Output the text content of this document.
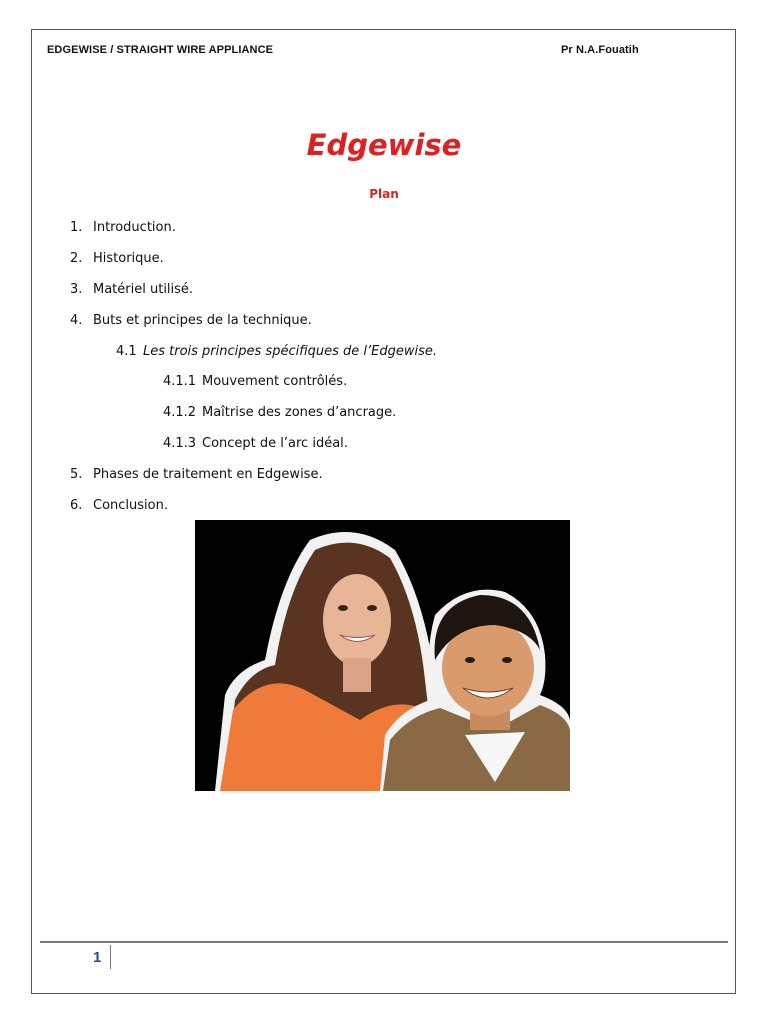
EDGEWISE / STRAIGHT WIRE APPLIANCE	Pr N.A.Fouatih
Edgewise
Plan
1. Introduction.
2. Historique.
3. Matériel utilisé.
4. Buts et principes de la technique.
4.1 Les trois principes spécifiques de l’Edgewise.
4.1.1 Mouvement contrôlés.
4.1.2 Maîtrise des zones d’ancrage.
4.1.3 Concept de l’arc idéal.
5. Phases de traitement en Edgewise.
6. Conclusion.
1
